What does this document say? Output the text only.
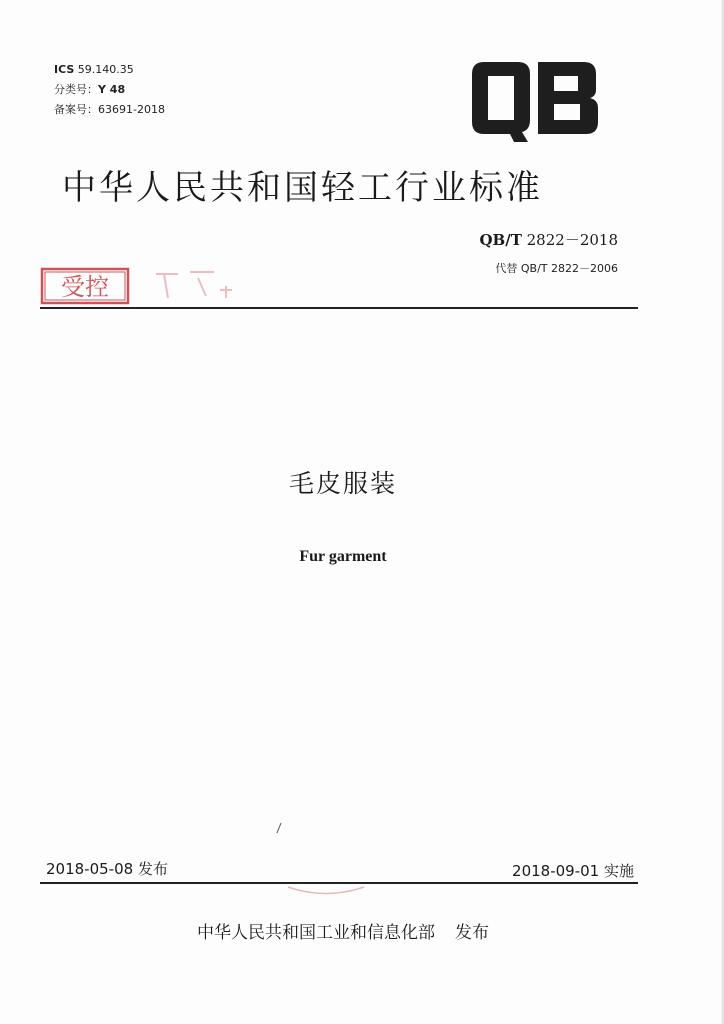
ICS 59.140.35
分类号：Y 48
备案号：63691-2018
中华人民共和国轻工行业标准
QB/T 2822－2018
代替 QB/T 2822－2006
受控
毛皮服装
Fur garment
2018-05-08 发布	2018-09-01 实施
中华人民共和国工业和信息化部 发布
